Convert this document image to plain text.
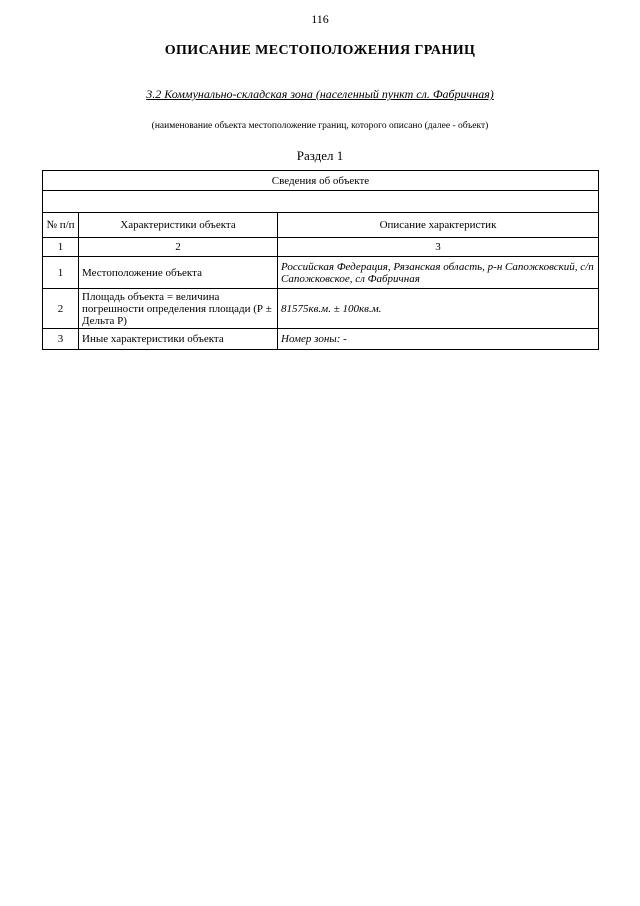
116
ОПИСАНИЕ МЕСТОПОЛОЖЕНИЯ ГРАНИЦ
3.2 Коммунально-складская зона (населенный пункт сл. Фабричная)
(наименование объекта местоположение границ, которого описано (далее - объект)
Раздел 1
Сведения об объекте		

№ п/п	Характеристики объекта	Описание характеристик
1	2	3
1	Местоположение объекта	Российская Федерация, Рязанская область, р-н Сапожковский, с/п Сапожковское, сл Фабричная
2	Площадь объекта = величина погрешности определения площади (Р ± Дельта Р)	81575кв.м. ± 100кв.м.
3	Иные характеристики объекта	Номер зоны: -
